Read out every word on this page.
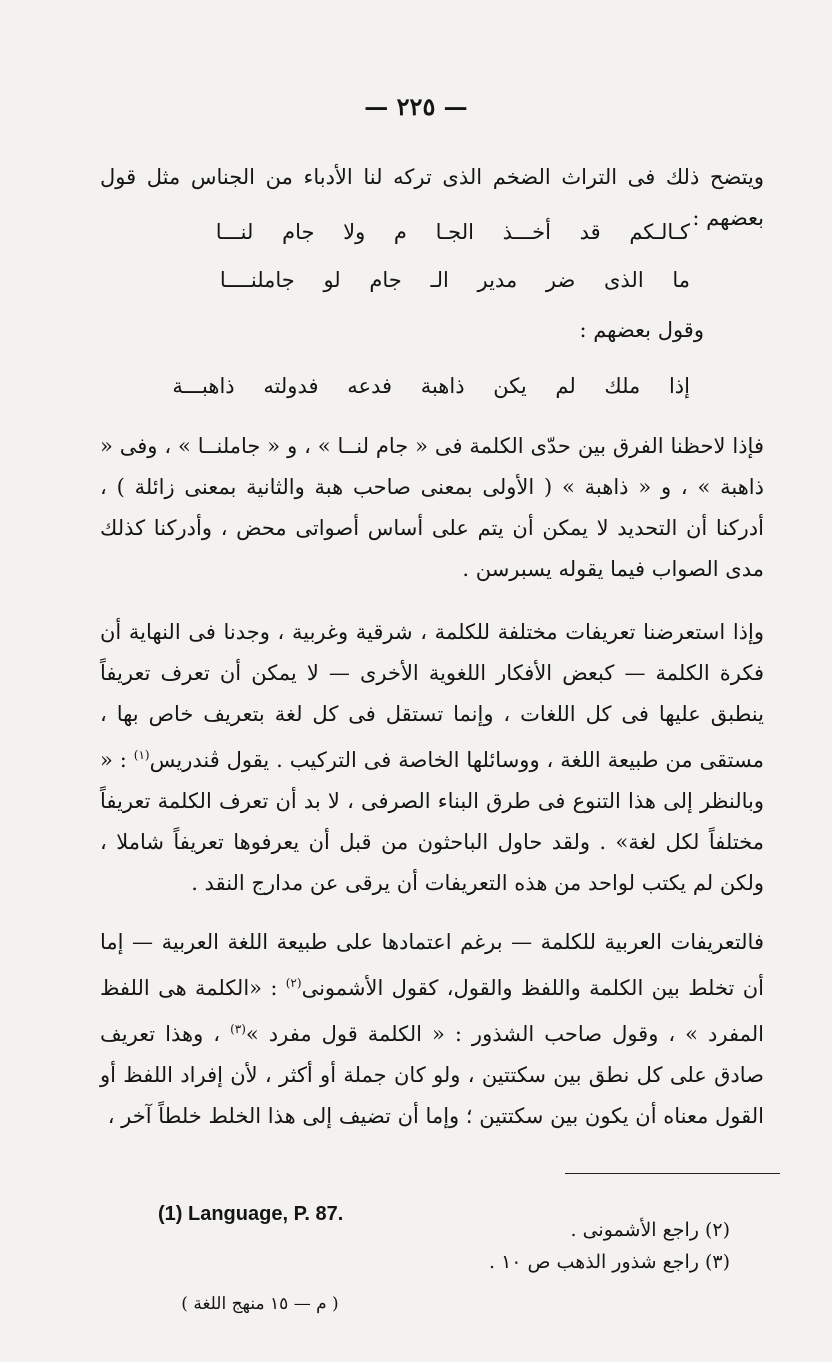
— ٢٢٥ —
ويتضح ذلك فى التراث الضخم الذى تركه لنا الأدباء من الجناس مثل قول بعضهم :
كـالـكم قد أخـــذ الجـا م ولا جام لنـــا
ما الذى ضر مدير الـ جام لو جاملنــــا
وقول بعضهم :
إذا ملك لم يكن ذاهبة فدعه فدولته ذاهبـــة
فإذا لاحظنا الفرق بين حدّى الكلمة فى « جام لنــا » ، و « جاملنــا » ، وفى « ذاهبة » ، و « ذاهبة » ( الأولى بمعنى صاحب هبة والثانية بمعنى زائلة ) ، أدركنا أن التحديد لا يمكن أن يتم على أساس أصواتى محض ، وأدركنا كذلك مدى الصواب فيما يقوله يسبرسن .
وإذا استعرضنا تعريفات مختلفة للكلمة ، شرقية وغربية ، وجدنا فى النهاية أن فكرة الكلمة — كبعض الأفكار اللغوية الأخرى — لا يمكن أن تعرف تعريفاً ينطبق عليها فى كل اللغات ، وإنما تستقل فى كل لغة بتعريف خاص بها ، مستقى من طبيعة اللغة ، ووسائلها الخاصة فى التركيب . يقول ڤندريس$^{(١)}$ : « وبالنظر إلى هذا التنوع فى طرق البناء الصرفى ، لا بد أن تعرف الكلمة تعريفاً مختلفاً لكل لغة» . ولقد حاول الباحثون من قبل أن يعرفوها تعريفاً شاملا ، ولكن لم يكتب لواحد من هذه التعريفات أن يرقى عن مدارج النقد .
فالتعريفات العربية للكلمة — برغم اعتمادها على طبيعة اللغة العربية — إما أن تخلط بين الكلمة واللفظ والقول، كقول الأشمونى$^{(٢)}$ : «الكلمة هى اللفظ المفرد » ، وقول صاحب الشذور : « الكلمة قول مفرد »$^{(٣)}$ ، وهذا تعريف صادق على كل نطق بين سكتتين ، ولو كان جملة أو أكثر ، لأن إفراد اللفظ أو القول معناه أن يكون بين سكتتين ؛ وإما أن تضيف إلى هذا الخلط خلطاً آخر ،
(1) Language, P. 87.
(٢) راجع الأشمونى .
(٣) راجع شذور الذهب ص ١٠ .
( م — ١٥ منهج اللغة )
